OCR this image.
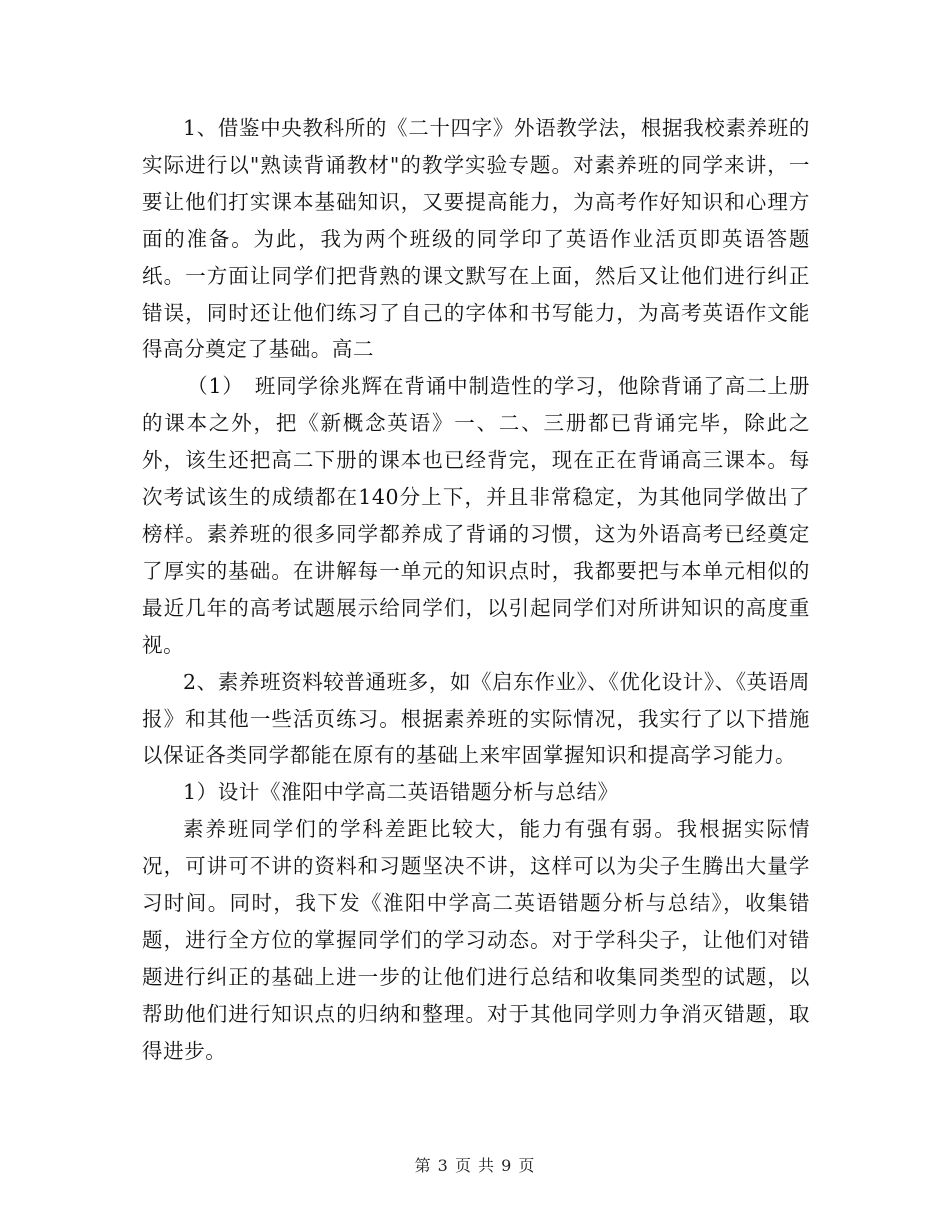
1、借鉴中央教科所的《二十四字》外语教学法，根据我校素养班的实际进行以"熟读背诵教材"的教学实验专题。对素养班的同学来讲，一要让他们打实课本基础知识，又要提高能力，为高考作好知识和心理方面的准备。为此，我为两个班级的同学印了英语作业活页即英语答题纸。一方面让同学们把背熟的课文默写在上面，然后又让他们进行纠正错误，同时还让他们练习了自己的字体和书写能力，为高考英语作文能得高分奠定了基础。高二

（1）　班同学徐兆辉在背诵中制造性的学习，他除背诵了高二上册的课本之外，把《新概念英语》一、二、三册都已背诵完毕，除此之外，该生还把高二下册的课本也已经背完，现在正在背诵高三课本。每次考试该生的成绩都在140分上下，并且非常稳定，为其他同学做出了榜样。素养班的很多同学都养成了背诵的习惯，这为外语高考已经奠定了厚实的基础。在讲解每一单元的知识点时，我都要把与本单元相似的最近几年的高考试题展示给同学们，以引起同学们对所讲知识的高度重视。

2、素养班资料较普通班多，如《启东作业》、《优化设计》、《英语周报》和其他一些活页练习。根据素养班的实际情况，我实行了以下措施以保证各类同学都能在原有的基础上来牢固掌握知识和提高学习能力。

1）设计《淮阳中学高二英语错题分析与总结》

素养班同学们的学科差距比较大，能力有强有弱。我根据实际情况，可讲可不讲的资料和习题坚决不讲，这样可以为尖子生腾出大量学习时间。同时，我下发《淮阳中学高二英语错题分析与总结》，收集错题，进行全方位的掌握同学们的学习动态。对于学科尖子，让他们对错题进行纠正的基础上进一步的让他们进行总结和收集同类型的试题，以帮助他们进行知识点的归纳和整理。对于其他同学则力争消灭错题，取得进步。

第 3 页 共 9 页
